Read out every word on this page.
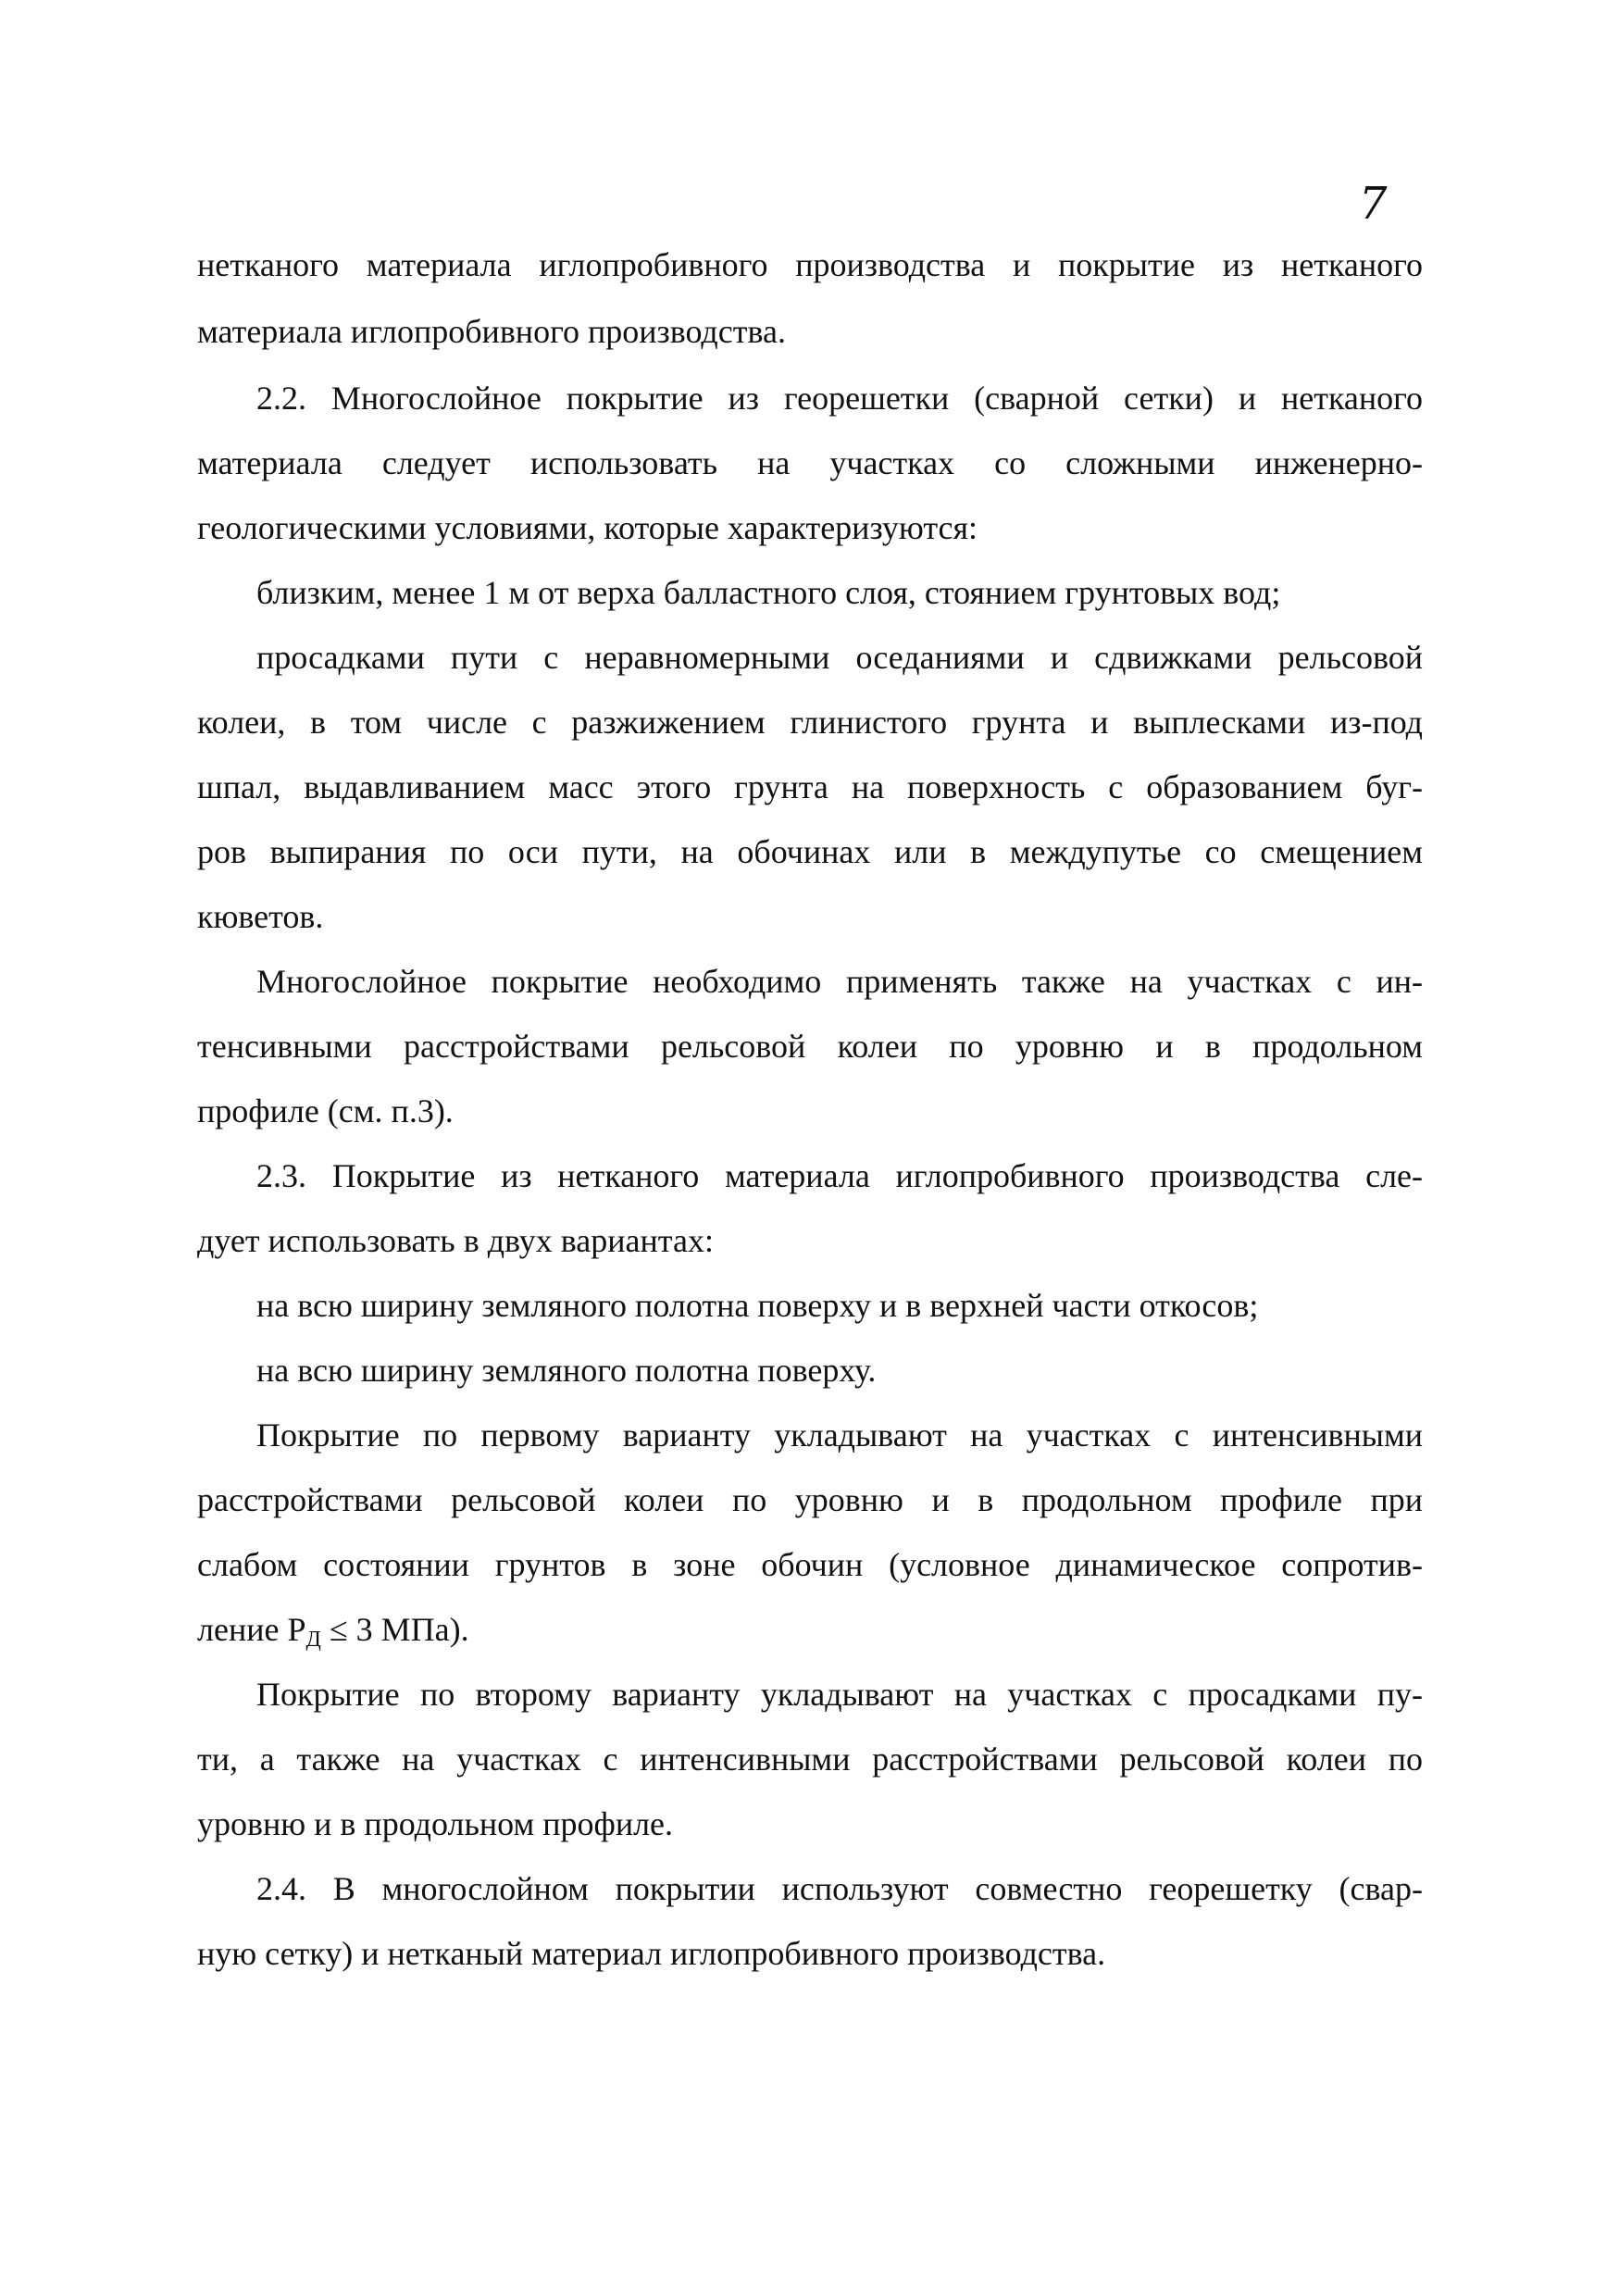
7
нетканого материала иглопробивного производства и покрытие из нетканого
материала иглопробивного производства.
2.2. Многослойное покрытие из георешетки (сварной сетки) и нетканого
материала следует использовать на участках со сложными инженерно-
геологическими условиями, которые характеризуются:
близким, менее 1 м от верха балластного слоя, стоянием грунтовых вод;
просадками пути с неравномерными оседаниями и сдвижками рельсовой
колеи, в том числе с разжижением глинистого грунта и выплесками из-под
шпал, выдавливанием масс этого грунта на поверхность с образованием буг-
ров выпирания по оси пути, на обочинах или в междупутье со смещением
кюветов.
Многослойное покрытие необходимо применять также на участках с ин-
тенсивными расстройствами рельсовой колеи по уровню и в продольном
профиле (см. п.3).
2.3. Покрытие из нетканого материала иглопробивного производства сле-
дует использовать в двух вариантах:
на всю ширину земляного полотна поверху и в верхней части откосов;
на всю ширину земляного полотна поверху.
Покрытие по первому варианту укладывают на участках с интенсивными
расстройствами рельсовой колеи по уровню и в продольном профиле при
слабом состоянии грунтов в зоне обочин (условное динамическое сопротив-
ление $Р_Д \le 3$ МПа).
Покрытие по второму варианту укладывают на участках с просадками пу-
ти, а также на участках с интенсивными расстройствами рельсовой колеи по
уровню и в продольном профиле.
2.4. В многослойном покрытии используют совместно георешетку (свар-
ную сетку) и нетканый материал иглопробивного производства.
